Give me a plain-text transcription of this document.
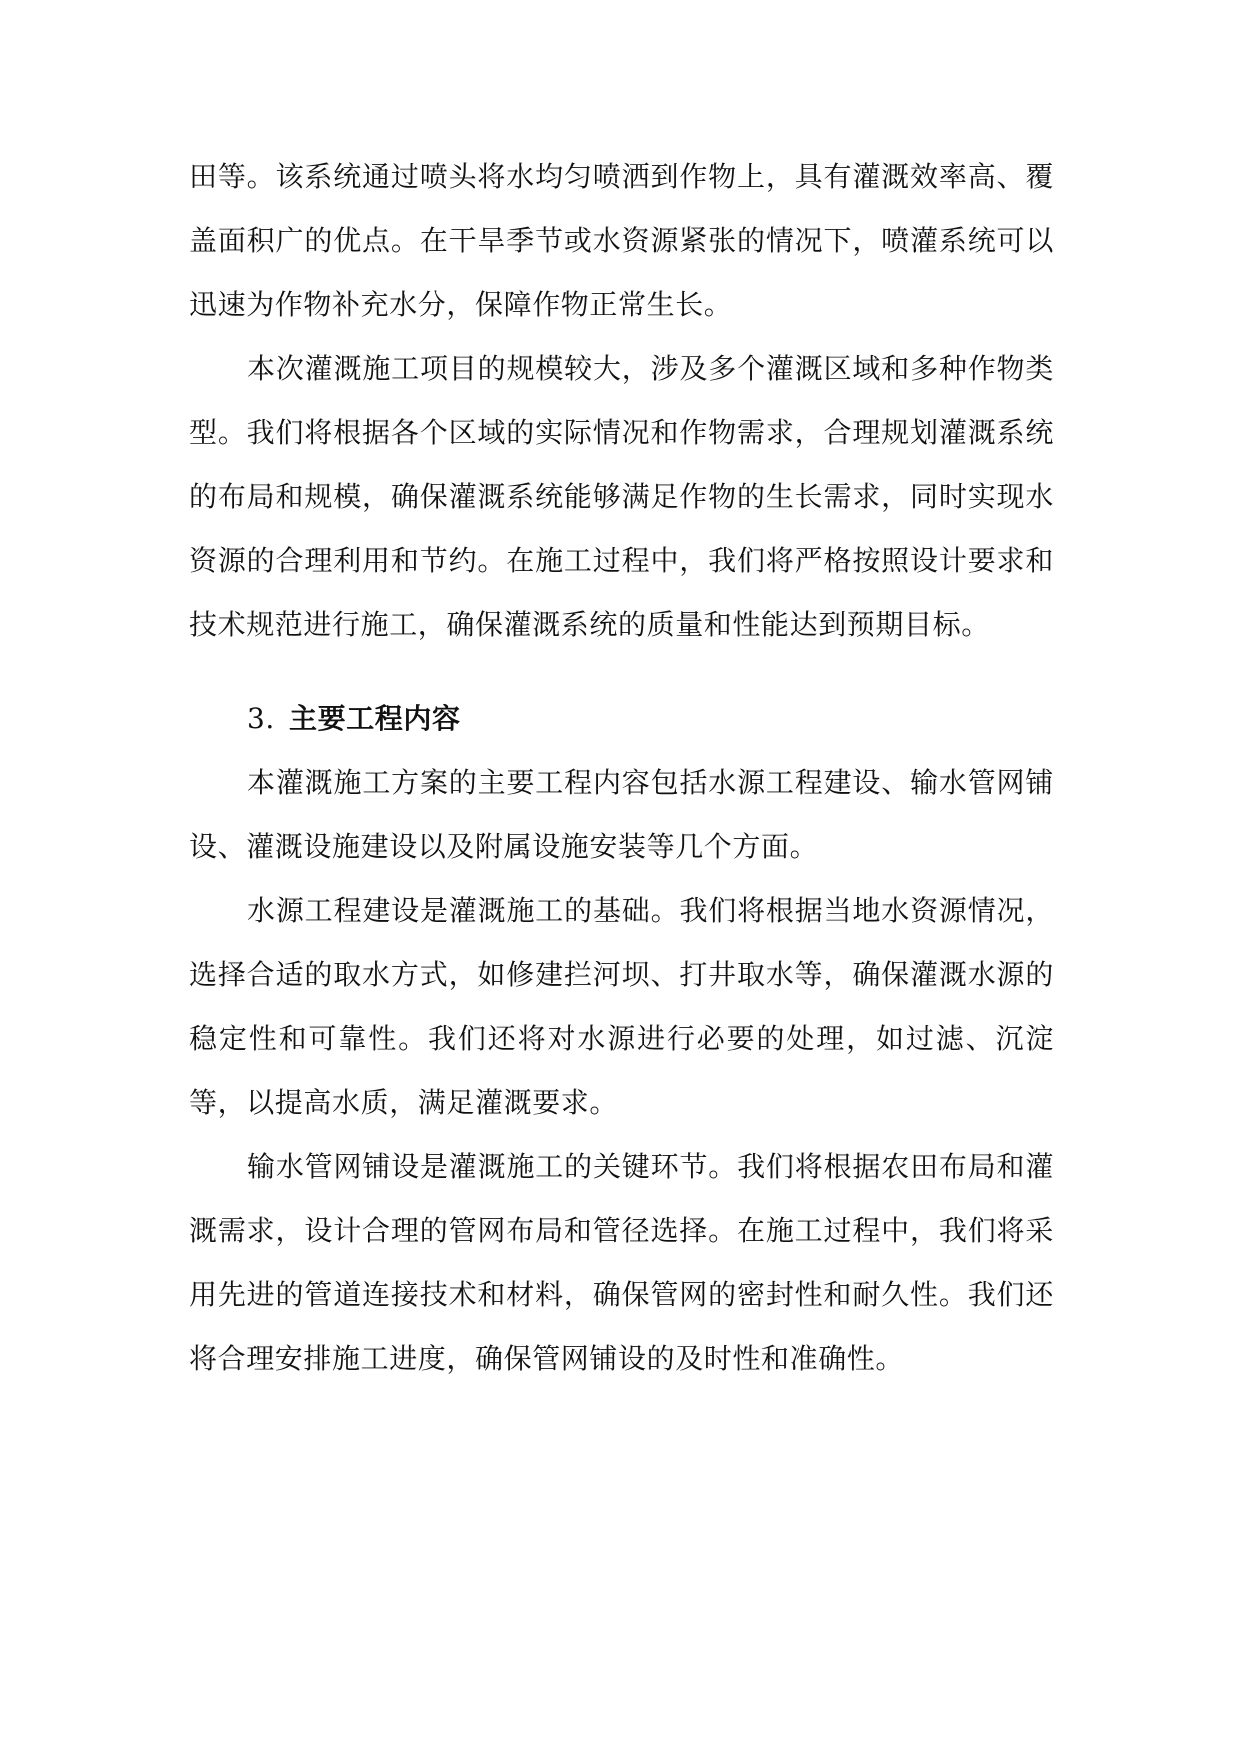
田等。该系统通过喷头将水均匀喷洒到作物上，具有灌溉效率高、覆盖面积广的优点。在干旱季节或水资源紧张的情况下，喷灌系统可以迅速为作物补充水分，保障作物正常生长。

本次灌溉施工项目的规模较大，涉及多个灌溉区域和多种作物类型。我们将根据各个区域的实际情况和作物需求，合理规划灌溉系统的布局和规模，确保灌溉系统能够满足作物的生长需求，同时实现水资源的合理利用和节约。在施工过程中，我们将严格按照设计要求和技术规范进行施工，确保灌溉系统的质量和性能达到预期目标。

3. 主要工程内容

本灌溉施工方案的主要工程内容包括水源工程建设、输水管网铺设、灌溉设施建设以及附属设施安装等几个方面。

水源工程建设是灌溉施工的基础。我们将根据当地水资源情况，选择合适的取水方式，如修建拦河坝、打井取水等，确保灌溉水源的稳定性和可靠性。我们还将对水源进行必要的处理，如过滤、沉淀等，以提高水质，满足灌溉要求。

输水管网铺设是灌溉施工的关键环节。我们将根据农田布局和灌溉需求，设计合理的管网布局和管径选择。在施工过程中，我们将采用先进的管道连接技术和材料，确保管网的密封性和耐久性。我们还将合理安排施工进度，确保管网铺设的及时性和准确性。
